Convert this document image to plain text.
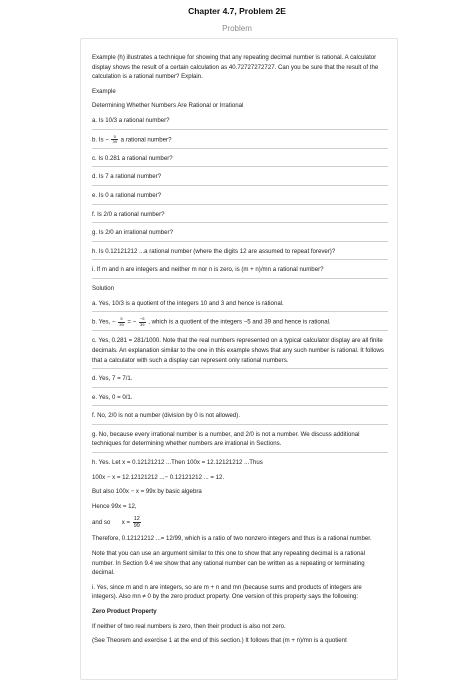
Chapter 4.7, Problem 2E
Problem

Example (h) illustrates a technique for showing that any repeating decimal number is rational. A calculator display shows the result of a certain calculation as 40.72727272727. Can you be sure that the result of the calculation is a rational number? Explain.

Example

Determining Whether Numbers Are Rational or Irrational

a. Is 10/3 a rational number?

b. $Is - \frac{5}{39}$ a rational number?

c. Is 0.281 a rational number?

d. Is 7 a rational number?

e. Is 0 a rational number?

f. Is 2/0 a rational number?

g. Is 2/0 an irrational number?

h. Is 0.12121212 ...a rational number (where the digits 12 are assumed to repeat forever)?

i. If m and n are integers and neither m nor n is zero, is (m + n)/mn a rational number?

Solution

a. Yes, 10/3 is a quotient of the integers 10 and 3 and hence is rational.

b. Yes, − $\frac{5}{39}$ = − $\frac{-5}{39}$ , which is a quotient of the integers −5 and 39 and hence is rational.

c. Yes, 0.281 = 281/1000. Note that the real numbers represented on a typical calculator display are all finite decimals. An explanation similar to the one in this example shows that any such number is rational. It follows that a calculator with such a display can represent only rational numbers.

d. Yes, 7 = 7/1.

e. Yes, 0 = 0/1.

f. No, 2/0 is not a number (division by 0 is not allowed).

g. No, because every irrational number is a number, and 2/0 is not a number. We discuss additional techniques for determining whether numbers are irrational in Sections.

h. Yes. Let x = 0.12121212 ...Then 100x = 12.12121212 ...Thus

100x − x = 12.12121212 ...− 0.12121212 ... = 12.

But also 100x − x = 99x by basic algebra

Hence 99x = 12,

and so $x = \frac{12}{99}$

Therefore, 0.12121212 ...= 12/99, which is a ratio of two nonzero integers and thus is a rational number.

Note that you can use an argument similar to this one to show that any repeating decimal is a rational number. In Section 9.4 we show that any rational number can be written as a repeating or terminating decimal.

i. Yes, since m and n are integers, so are m + n and mn (because sums and products of integers are integers). Also mn ≠ 0 by the zero product property. One version of this property says the following:

Zero Product Property

If neither of two real numbers is zero, then their product is also not zero.

(See Theorem and exercise 1 at the end of this section.) It follows that (m + n)/mn is a quotient
